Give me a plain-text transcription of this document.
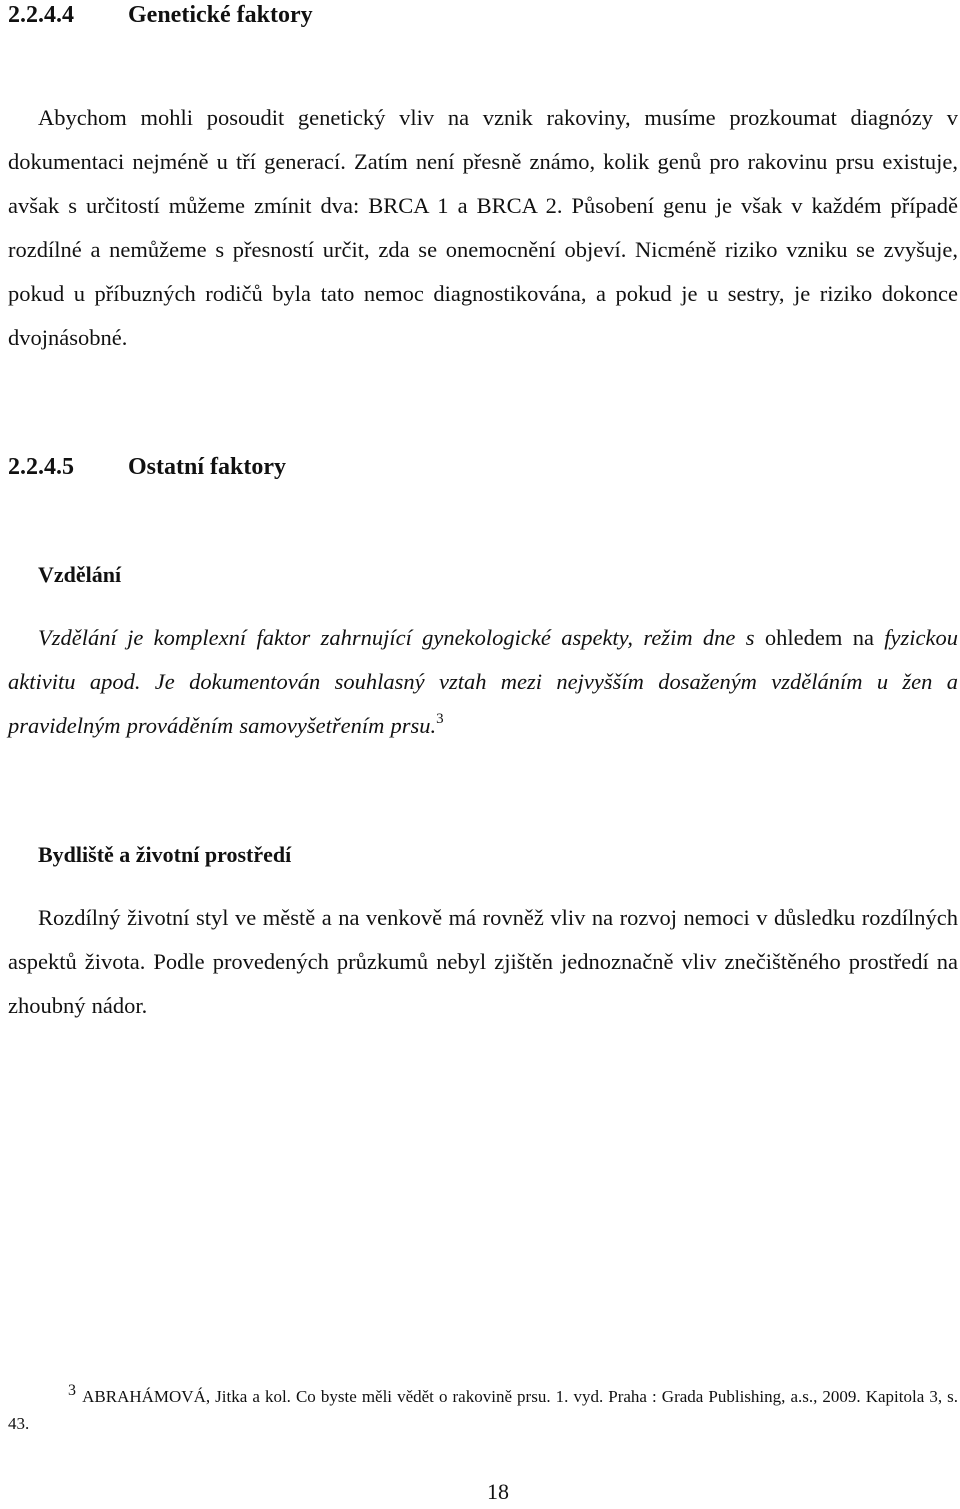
2.2.4.4 Genetické faktory

Abychom mohli posoudit genetický vliv na vznik rakoviny, musíme prozkoumat diagnózy v dokumentaci nejméně u tří generací. Zatím není přesně známo, kolik genů pro rakovinu prsu existuje, avšak s určitostí můžeme zmínit dva: BRCA 1 a BRCA 2. Působení genu je však v každém případě rozdílné a nemůžeme s přesností určit, zda se onemocnění objeví. Nicméně riziko vzniku se zvyšuje, pokud u příbuzných rodičů byla tato nemoc diagnostikována, a pokud je u sestry, je riziko dokonce dvojnásobné.

2.2.4.5 Ostatní faktory
Vzdělání

Vzdělání je komplexní faktor zahrnující gynekologické aspekty, režim dne s ohledem na fyzickou aktivitu apod. Je dokumentován souhlasný vztah mezi nejvyšším dosaženým vzděláním u žen a pravidelným prováděním samovyšetřením prsu.$^3$

Bydliště a životní prostředí

Rozdílný životní styl ve městě a na venkově má rovněž vliv na rozvoj nemoci v důsledku rozdílných aspektů života. Podle provedených průzkumů nebyl zjištěn jednoznačně vliv znečištěného prostředí na zhoubný nádor.

3 ABRAHÁMOVÁ, Jitka a kol. Co byste měli vědět o rakovině prsu. 1. vyd. Praha : Grada Publishing, a.s., 2009. Kapitola 3, s. 43.

18
